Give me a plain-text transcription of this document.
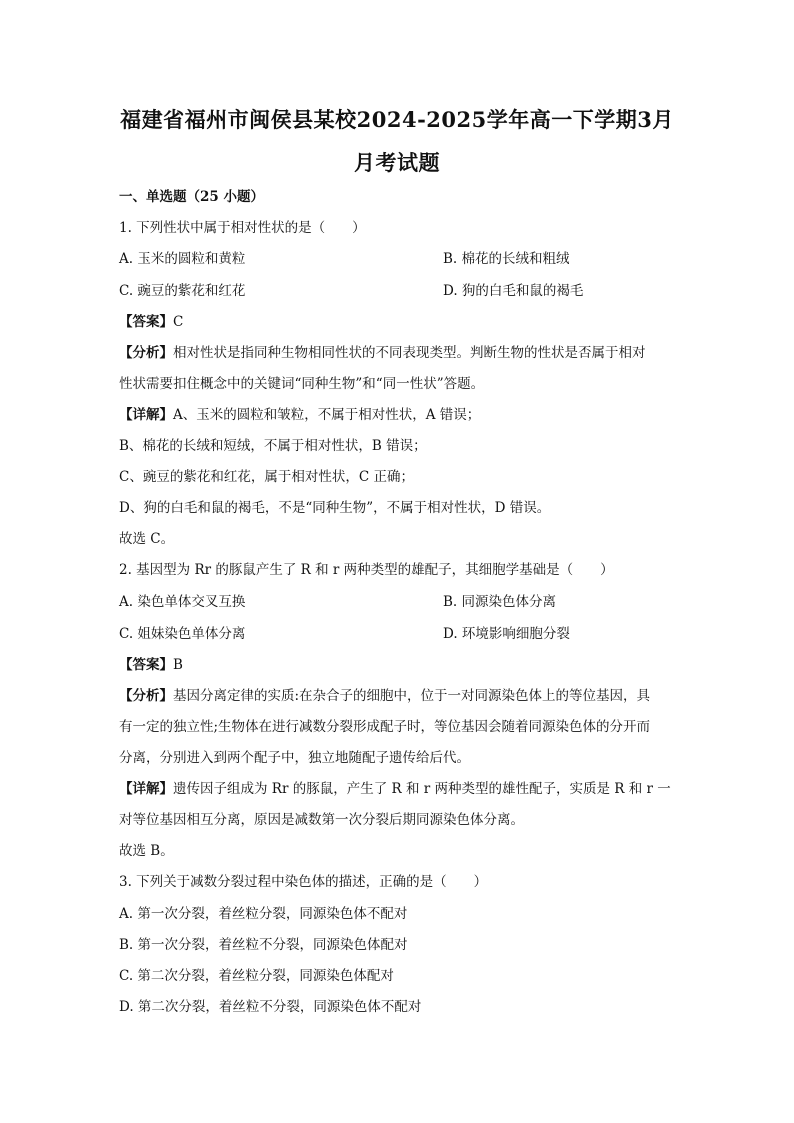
福建省福州市闽侯县某校2024-2025学年高一下学期3月
月考试题
一、单选题（25 小题）
1. 下列性状中属于相对性状的是（　　）
A. 玉米的圆粒和黄粒	B. 棉花的长绒和粗绒
C. 豌豆的紫花和红花	D. 狗的白毛和鼠的褐毛
【答案】C
【分析】相对性状是指同种生物相同性状的不同表现类型。判断生物的性状是否属于相对
性状需要扣住概念中的关键词“同种生物”和“同一性状”答题。
【详解】A、玉米的圆粒和皱粒，不属于相对性状，A 错误；
B、棉花的长绒和短绒，不属于相对性状，B 错误；
C、豌豆的紫花和红花，属于相对性状，C 正确；
D、狗的白毛和鼠的褐毛，不是“同种生物”，不属于相对性状，D 错误。
故选 C。
2. 基因型为 Rr 的豚鼠产生了 R 和 r 两种类型的雄配子，其细胞学基础是（　　）
A. 染色单体交叉互换	B. 同源染色体分离
C. 姐妹染色单体分离	D. 环境影响细胞分裂
【答案】B
【分析】基因分离定律的实质:在杂合子的细胞中，位于一对同源染色体上的等位基因，具
有一定的独立性;生物体在进行减数分裂形成配子时，等位基因会随着同源染色体的分开而
分离，分别进入到两个配子中，独立地随配子遗传给后代。
【详解】遗传因子组成为 Rr 的豚鼠，产生了 R 和 r 两种类型的雄性配子，实质是 R 和 r 一
对等位基因相互分离，原因是减数第一次分裂后期同源染色体分离。
故选 B。
3. 下列关于减数分裂过程中染色体的描述，正确的是（　　）
A. 第一次分裂，着丝粒分裂，同源染色体不配对
B. 第一次分裂，着丝粒不分裂，同源染色体配对
C. 第二次分裂，着丝粒分裂，同源染色体配对
D. 第二次分裂，着丝粒不分裂，同源染色体不配对
